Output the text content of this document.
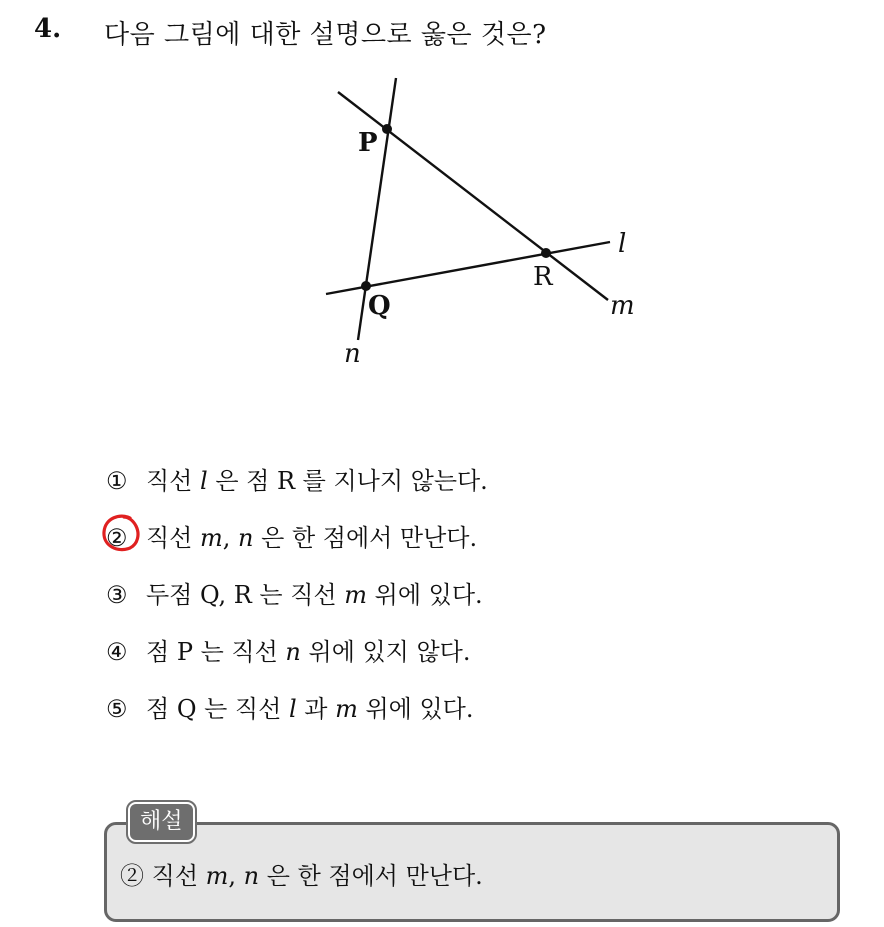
4. 다음 그림에 대한 설명으로 옳은 것은?
P
Q
R
l
m
n
① 직선 l 은 점 R 를 지나지 않는다.
② 직선 m, n 은 한 점에서 만난다.
③ 두점 Q, R 는 직선 m 위에 있다.
④ 점 P 는 직선 n 위에 있지 않다.
⑤ 점 Q 는 직선 l 과 m 위에 있다.
해설
② 직선 m, n 은 한 점에서 만난다.
